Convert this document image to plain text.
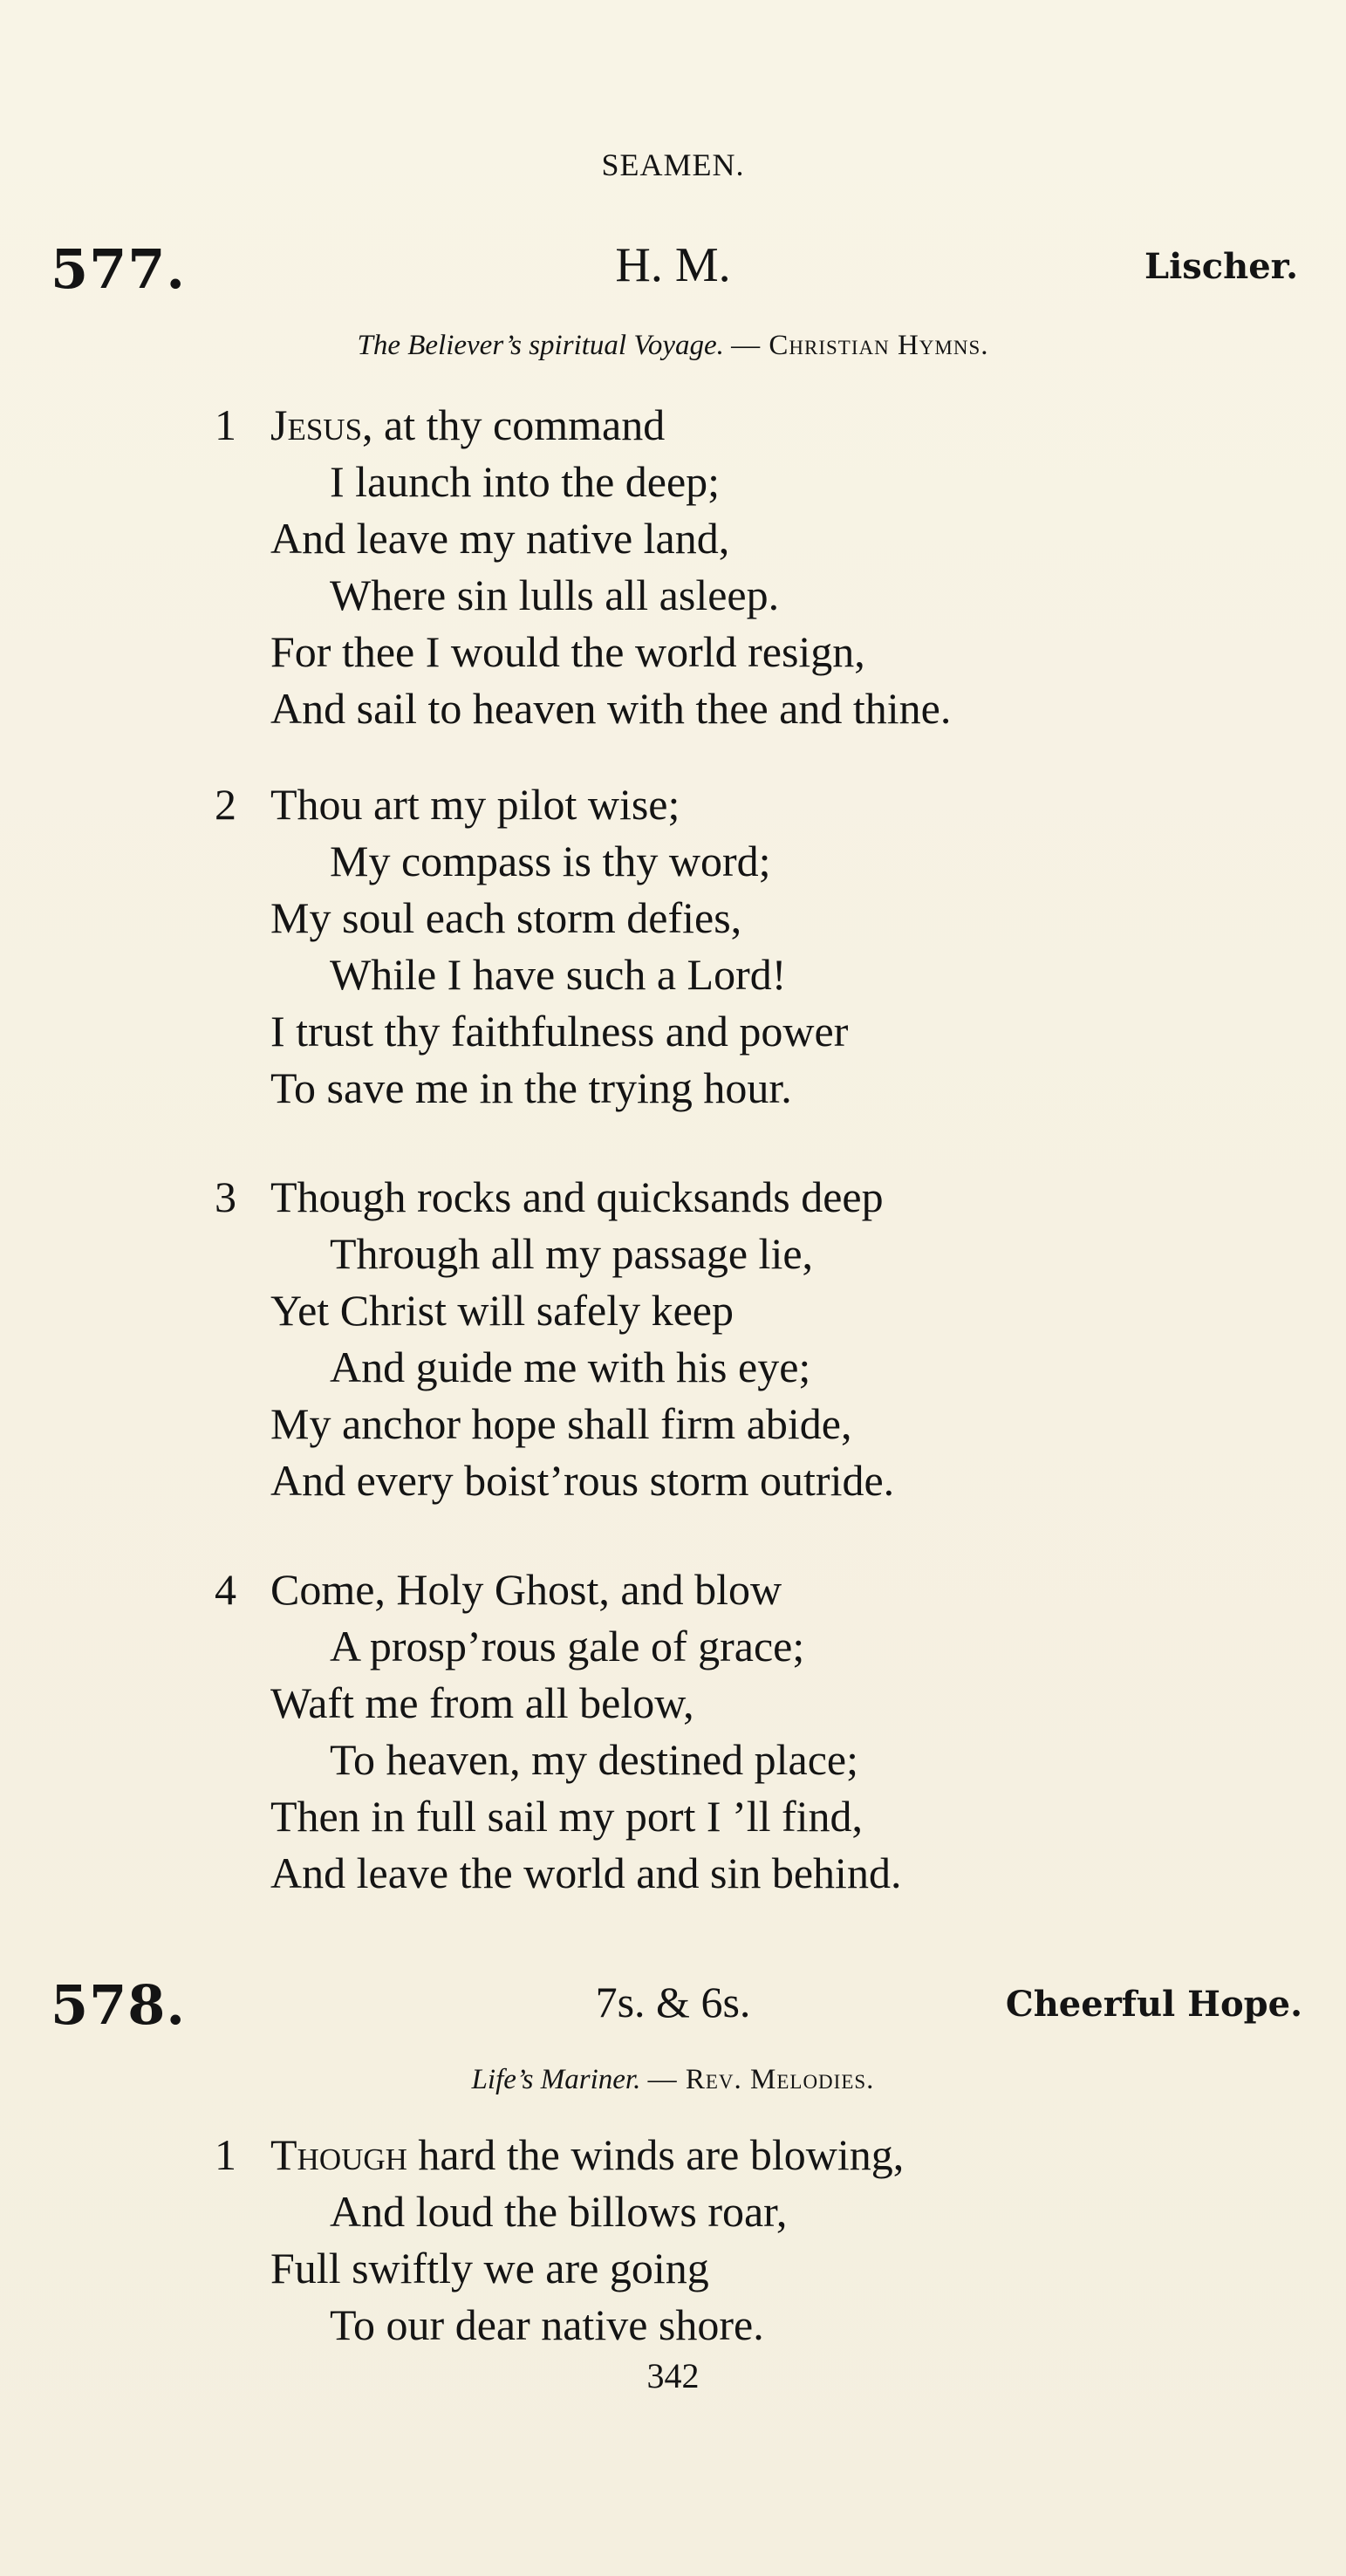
SEAMEN.
577.	H. M.	Lischer.
The Believer’s spiritual Voyage. — Christian Hymns.
1 Jesus, at thy command
I launch into the deep;
And leave my native land,
Where sin lulls all asleep.
For thee I would the world resign,
And sail to heaven with thee and thine.
2 Thou art my pilot wise;
My compass is thy word;
My soul each storm defies,
While I have such a Lord!
I trust thy faithfulness and power
To save me in the trying hour.
3 Though rocks and quicksands deep
Through all my passage lie,
Yet Christ will safely keep
And guide me with his eye;
My anchor hope shall firm abide,
And every boist’rous storm outride.
4 Come, Holy Ghost, and blow
A prosp’rous gale of grace;
Waft me from all below,
To heaven, my destined place;
Then in full sail my port I ’ll find,
And leave the world and sin behind.
578.	7s. & 6s.	Cheerful Hope.
Life’s Mariner. — Rev. Melodies.
1 Though hard the winds are blowing,
And loud the billows roar,
Full swiftly we are going
To our dear native shore.
342
